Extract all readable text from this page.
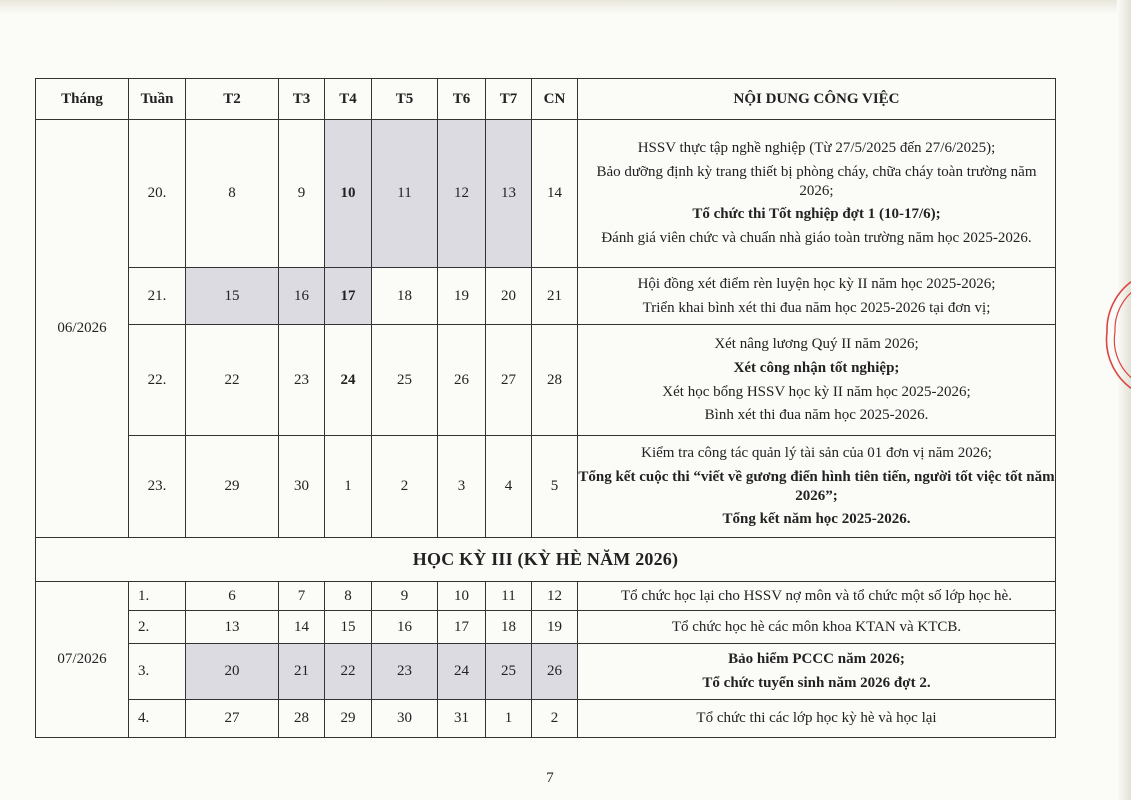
Tháng	Tuần	T2	T3	T4	T5	T6	T7	CN	NỘI DUNG CÔNG VIỆC
06/2026	20.	8	9	10	11	12	13	14	HSSV thực tập nghề nghiệp (Từ 27/5/2025 đến 27/6/2025);
Bảo dưỡng định kỳ trang thiết bị phòng cháy, chữa cháy toàn trường năm 2026;
Tổ chức thi Tốt nghiệp đợt 1 (10-17/6);
Đánh giá viên chức và chuẩn nhà giáo toàn trường năm học 2025-2026.

	21.	15	16	17	18	19	20	21	Hội đồng xét điểm rèn luyện học kỳ II năm học 2025-2026;
Triển khai bình xét thi đua năm học 2025-2026 tại đơn vị;

	22.	22	23	24	25	26	27	28	Xét nâng lương Quý II năm 2026;
Xét công nhận tốt nghiệp;
Xét học bổng HSSV học kỳ II năm học 2025-2026;
Bình xét thi đua năm học 2025-2026.

	23.	29	30	1	2	3	4	5	Kiểm tra công tác quản lý tài sản của 01 đơn vị năm 2026;
Tổng kết cuộc thi “viết về gương điển hình tiên tiến, người tốt việc tốt năm 2026”;
Tổng kết năm học 2025-2026.

HỌC KỲ III (KỲ HÈ NĂM 2026)									
07/2026	1.	6	7	8	9	10	11	12	Tổ chức học lại cho HSSV nợ môn và tổ chức một số lớp học hè.

	2.	13	14	15	16	17	18	19	Tổ chức học hè các môn khoa KTAN và KTCB.

	3.	20	21	22	23	24	25	26	Bảo hiểm PCCC năm 2026;
Tổ chức tuyển sinh năm 2026 đợt 2.

	4.	27	28	29	30	31	1	2	Tổ chức thi các lớp học kỳ hè và học lại
7
